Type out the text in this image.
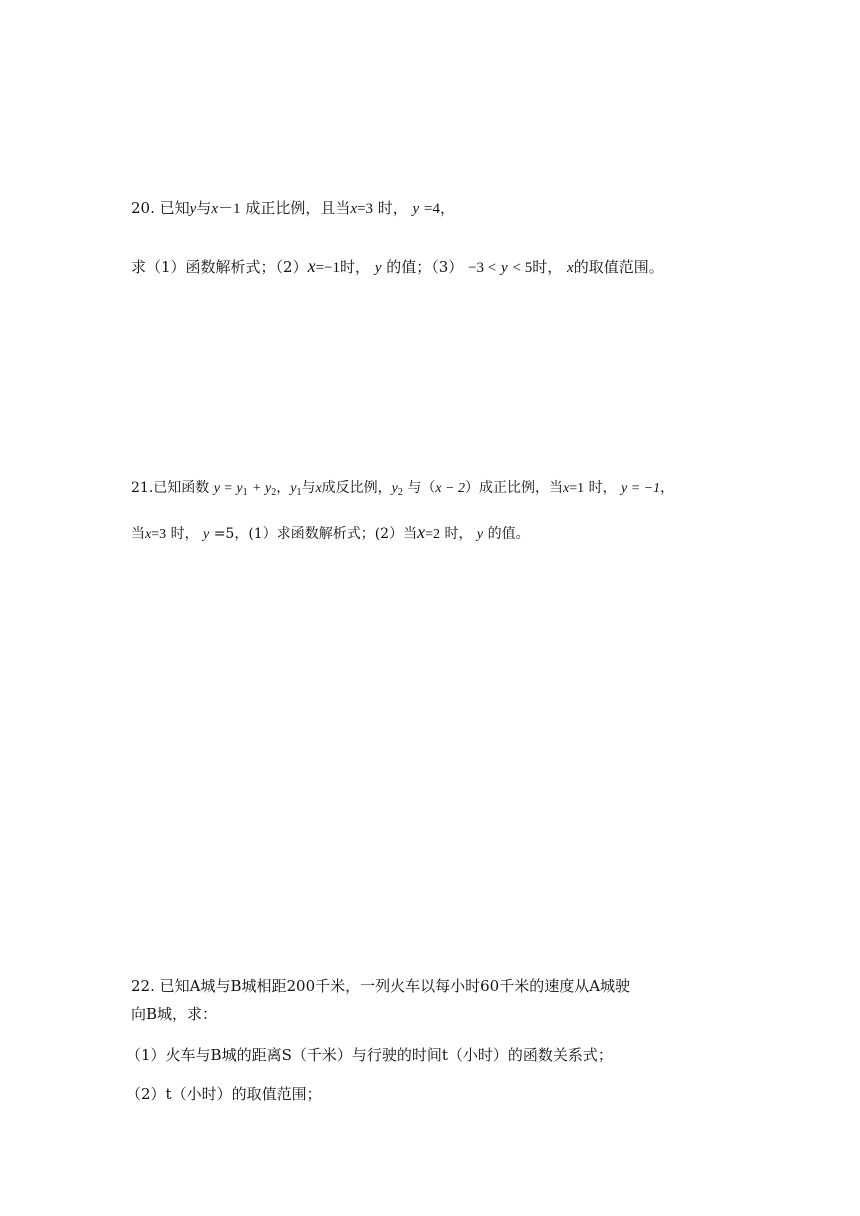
20. 已知y与x－1 成正比例，且当x=3 时， y =4，
求（1）函数解析式；（2）x=−1时， y 的值；（3） −3 < y < 5时， x的取值范围。
21.已知函数 $y = y_1 + y_2$，$y_1$与x成反比例，$y_2$ 与（x − 2）成正比例，当x=1 时， y = −1，
当x=3 时， y =5，(1）求函数解析式；(2）当x=2 时， y 的值。
22. 已知A城与B城相距200千米，一列火车以每小时60千米的速度从A城驶
向B城，求：
（1）火车与B城的距离S（千米）与行驶的时间t（小时）的函数关系式；
（2）t（小时）的取值范围；
